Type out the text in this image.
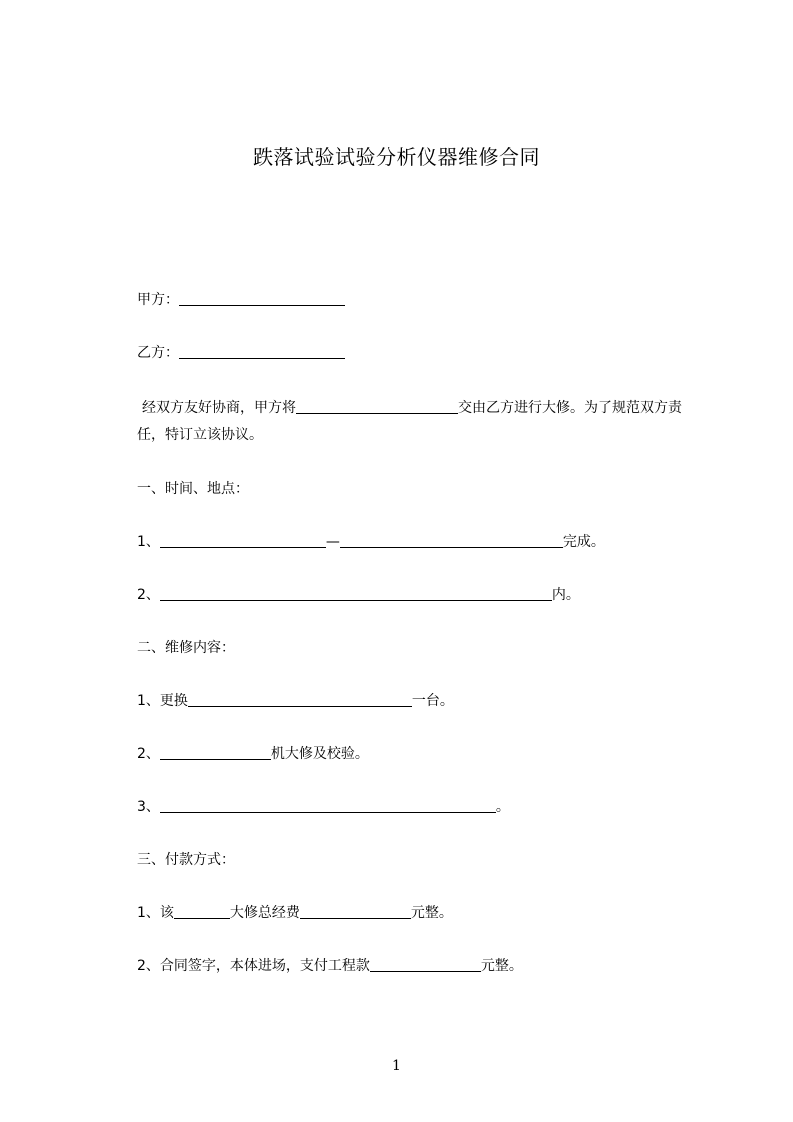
跌落试验试验分析仪器维修合同
甲方：
乙方：
经双方友好协商，甲方将	交由乙方进行大修。为了规范双方责任，特订立该协议。
一、时间、地点：
1、	—	完成。
2、	内。
二、维修内容：
1、更换	一台。
2、	机大修及校验。
3、	。
三、付款方式：
1、该	大修总经费	元整。
2、合同签字，本体进场，支付工程款	元整。
1
